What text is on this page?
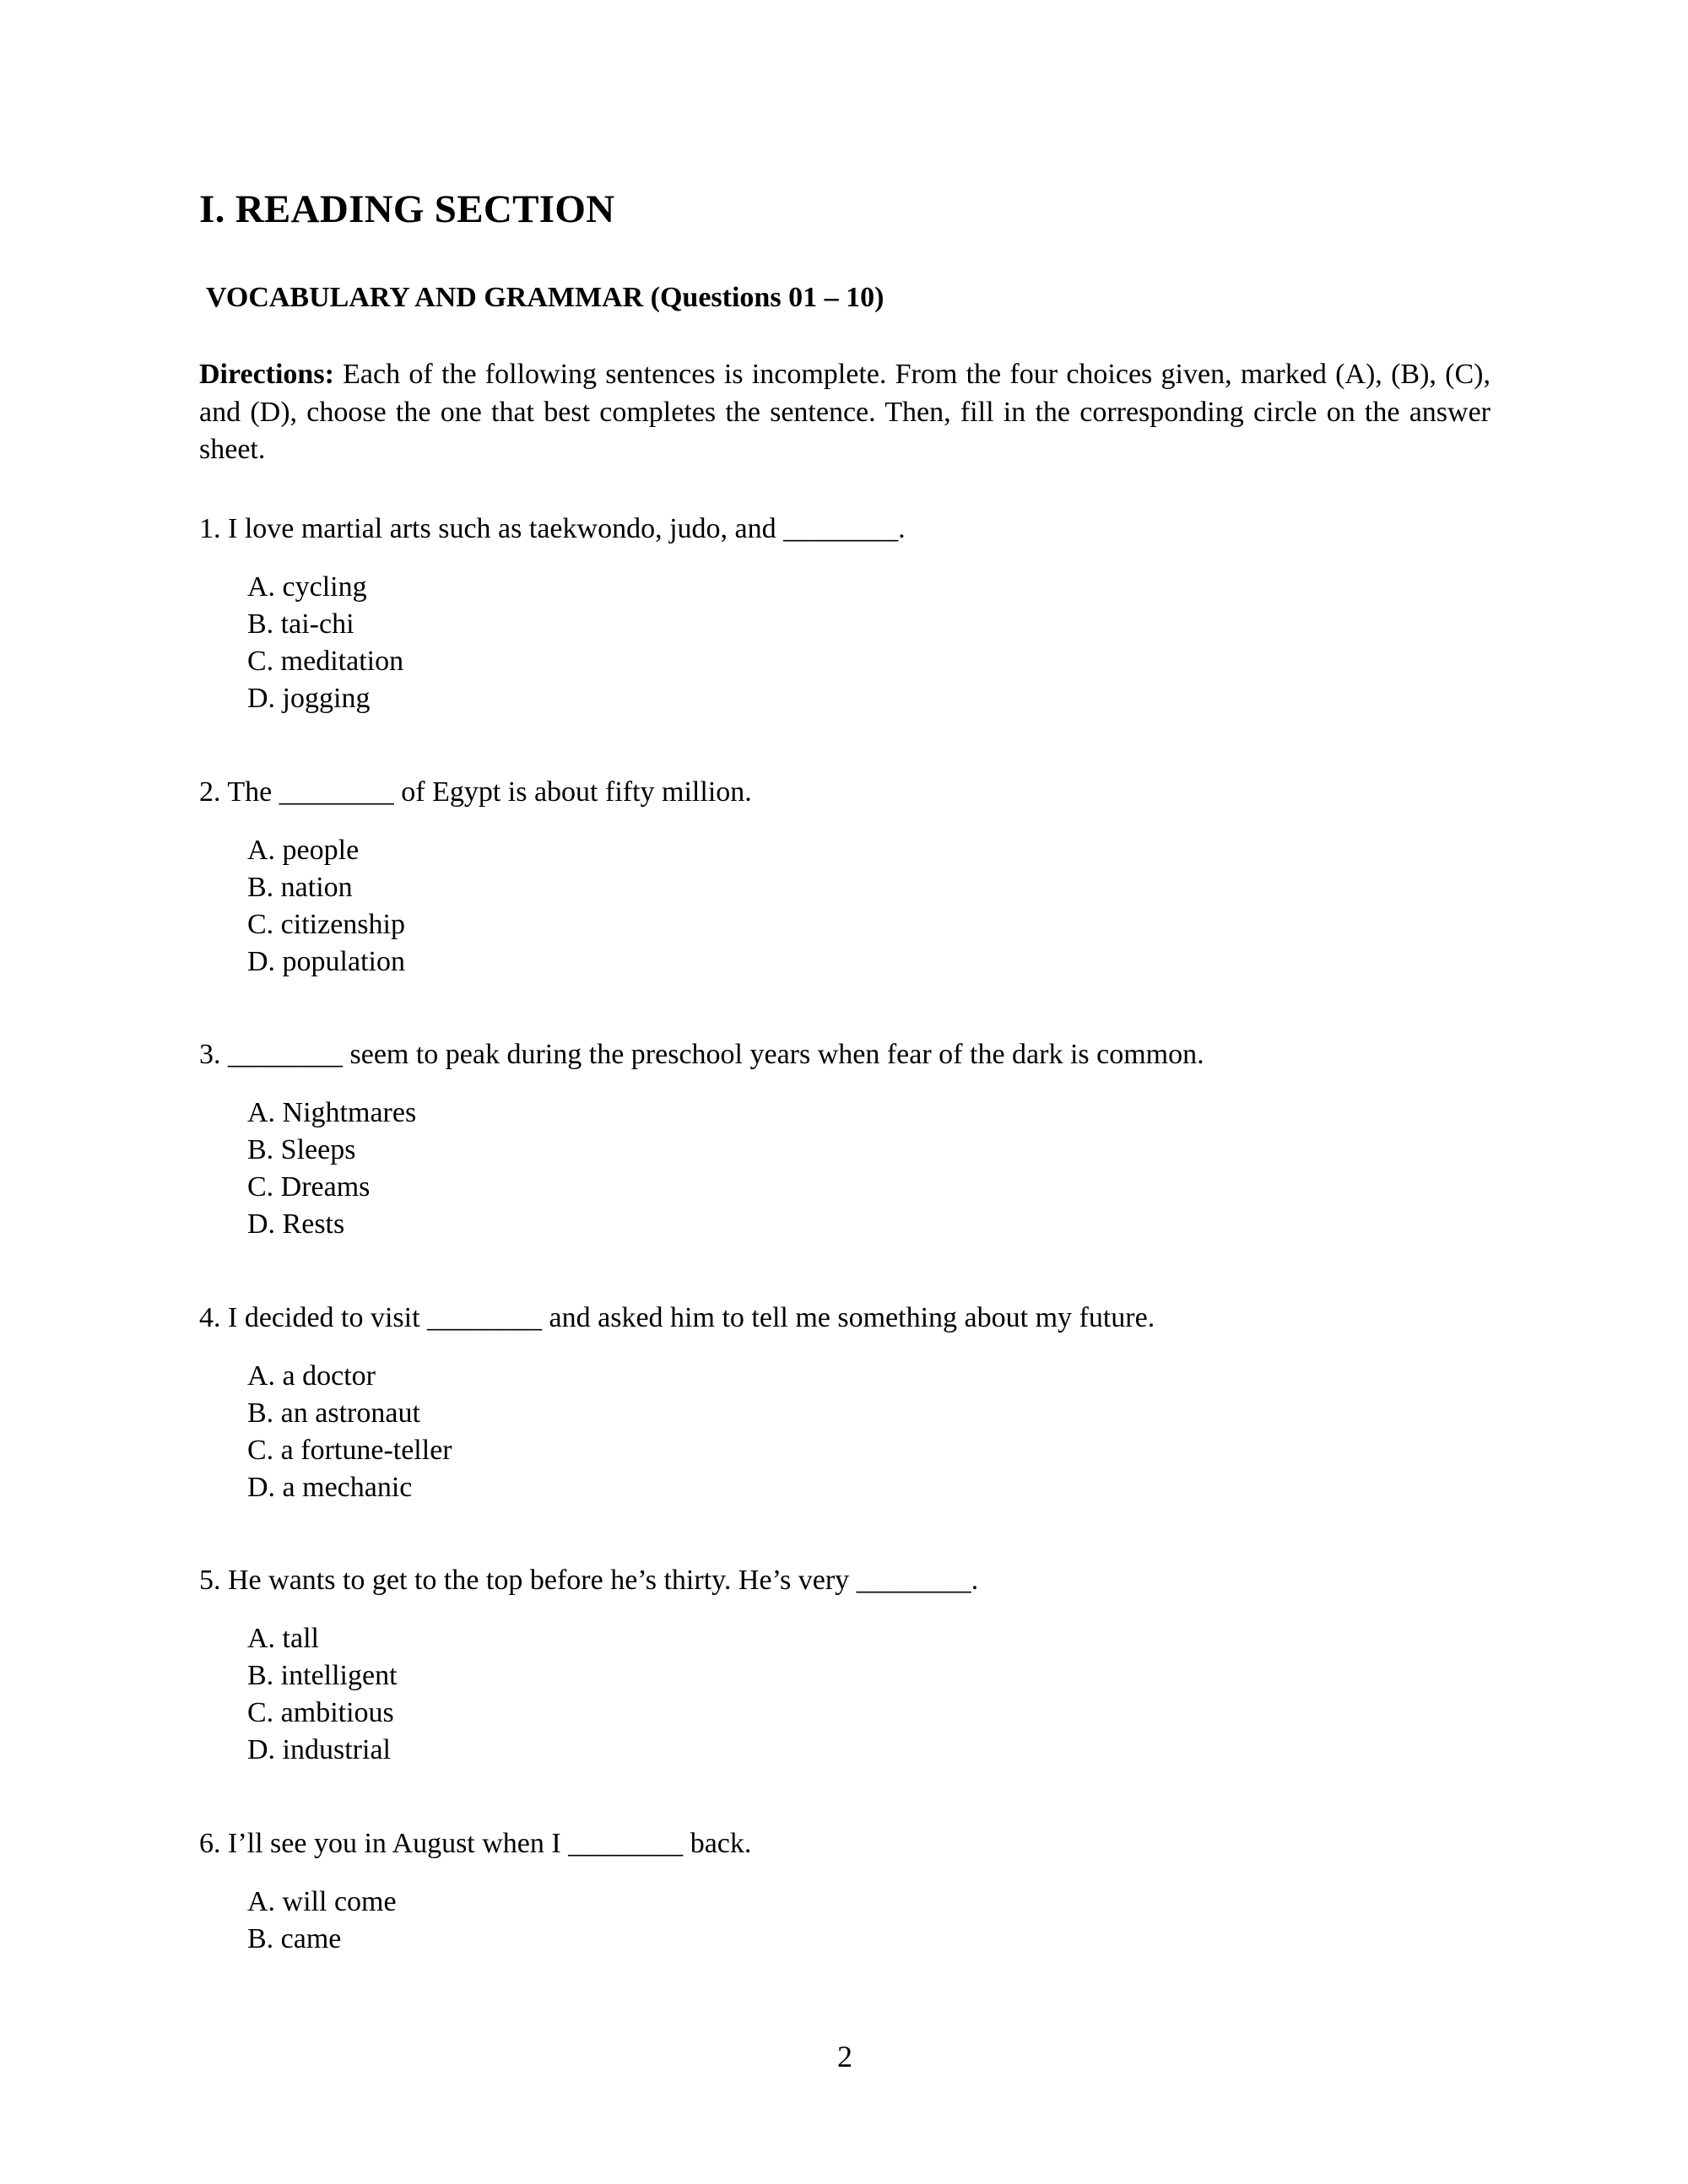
I. READING SECTION
VOCABULARY AND GRAMMAR (Questions 01 – 10)
Directions: Each of the following sentences is incomplete. From the four choices given, marked (A), (B), (C), and (D), choose the one that best completes the sentence. Then, fill in the corresponding circle on the answer sheet.
1. I love martial arts such as taekwondo, judo, and ________.
A. cycling
B. tai-chi
C. meditation
D. jogging
2. The ________ of Egypt is about fifty million.
A. people
B. nation
C. citizenship
D. population
3. ________ seem to peak during the preschool years when fear of the dark is common.
A. Nightmares
B. Sleeps
C. Dreams
D. Rests
4. I decided to visit ________ and asked him to tell me something about my future.
A. a doctor
B. an astronaut
C. a fortune-teller
D. a mechanic
5. He wants to get to the top before he’s thirty. He’s very ________.
A. tall
B. intelligent
C. ambitious
D. industrial
6. I’ll see you in August when I ________ back.
A. will come
B. came
2
